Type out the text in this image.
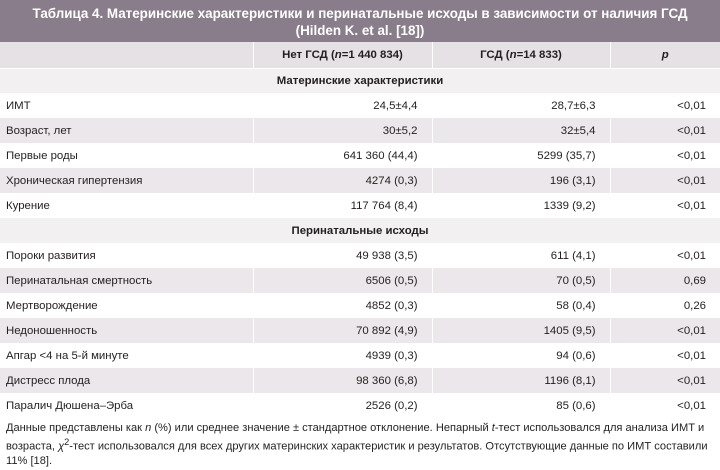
Таблица 4. Материнские характеристики и перинатальные исходы в зависимости от наличия ГСД
(Hilden K. et al. [18])
	Нет ГСД (n=1 440 834)	ГСД (n=14 833)	p
Материнские характеристики			
ИМТ	24,5±4,4	28,7±6,3	<0,01
Возраст, лет	30±5,2	32±5,4	<0,01
Первые роды	641 360 (44,4)	5299 (35,7)	<0,01
Хроническая гипертензия	4274 (0,3)	196 (3,1)	<0,01
Курение	117 764 (8,4)	1339 (9,2)	<0,01
Перинатальные исходы			
Пороки развития	49 938 (3,5)	611 (4,1)	<0,01
Перинатальная смертность	6506 (0,5)	70 (0,5)	0,69
Мертворождение	4852 (0,3)	58 (0,4)	0,26
Недоношенность	70 892 (4,9)	1405 (9,5)	<0,01
Апгар <4 на 5-й минуте	4939 (0,3)	94 (0,6)	<0,01
Дистресс плода	98 360 (6,8)	1196 (8,1)	<0,01
Паралич Дюшена–Эрба	2526 (0,2)	85 (0,6)	<0,01
Данные представлены как n (%) или среднее значение ± стандартное отклонение. Непарный t-тест использовался для анализа ИМТ и возраста, $\chi^2$-тест использовался для всех других материнских характеристик и результатов. Отсутствующие данные по ИМТ составили 11% [18].
